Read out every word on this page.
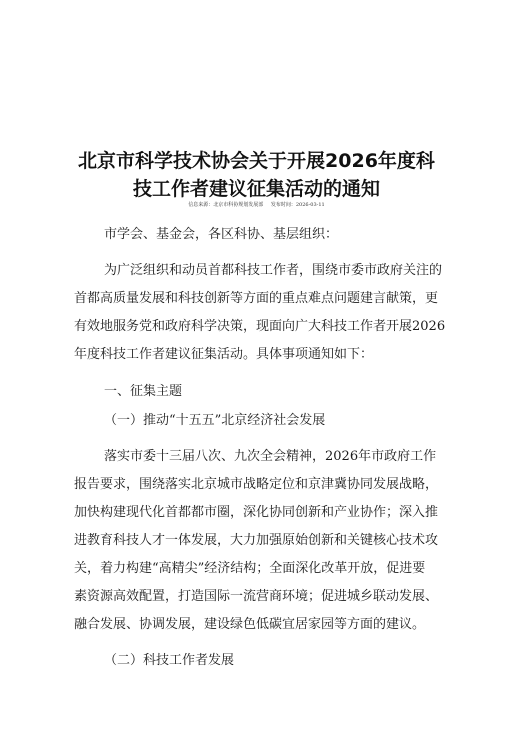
北京市科学技术协会关于开展2026年度科
技工作者建议征集活动的通知
信息来源：北京市科协规划发展部 发布时间：2026-03-11
市学会、基金会，各区科协、基层组织：
为广泛组织和动员首都科技工作者，围绕市委市政府关注的
首都高质量发展和科技创新等方面的重点难点问题建言献策，更
有效地服务党和政府科学决策，现面向广大科技工作者开展2026
年度科技工作者建议征集活动。具体事项通知如下：
一、征集主题
（一）推动“十五五”北京经济社会发展
落实市委十三届八次、九次全会精神，2026年市政府工作
报告要求，围绕落实北京城市战略定位和京津冀协同发展战略，
加快构建现代化首都都市圈，深化协同创新和产业协作；深入推
进教育科技人才一体发展，大力加强原始创新和关键核心技术攻
关，着力构建“高精尖”经济结构；全面深化改革开放，促进要
素资源高效配置，打造国际一流营商环境；促进城乡联动发展、
融合发展、协调发展，建设绿色低碳宜居家园等方面的建议。
（二）科技工作者发展
